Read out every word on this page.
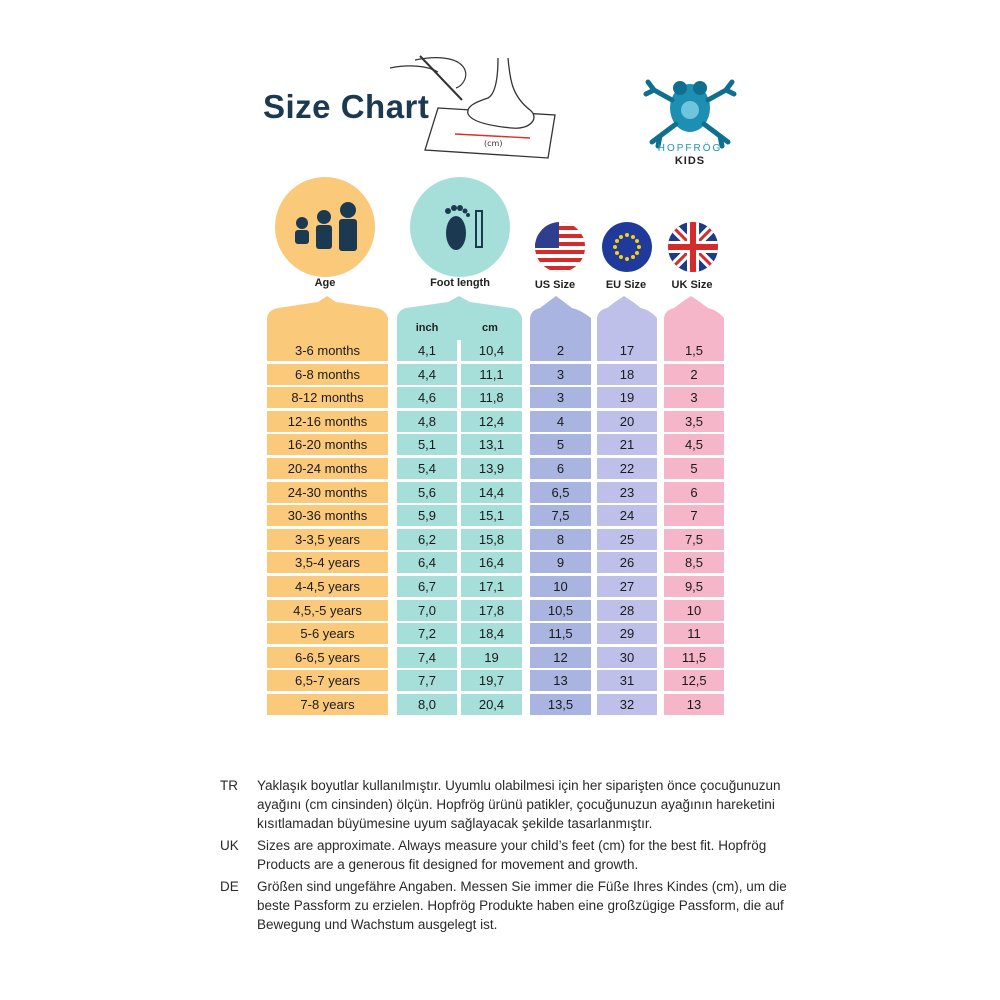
Size Chart
(cm)	HOPFRÖG
KIDS
Age	Foot length	US Size	EU Size	UK Size
inch	cm
3-6 months	4,1	10,4	2	17	1,5
6-8 months	4,4	11,1	3	18	2
8-12 months	4,6	11,8	3	19	3
12-16 months	4,8	12,4	4	20	3,5
16-20 months	5,1	13,1	5	21	4,5
20-24 months	5,4	13,9	6	22	5
24-30 months	5,6	14,4	6,5	23	6
30-36 months	5,9	15,1	7,5	24	7
3-3,5 years	6,2	15,8	8	25	7,5
3,5-4 years	6,4	16,4	9	26	8,5
4-4,5 years	6,7	17,1	10	27	9,5
4,5,-5 years	7,0	17,8	10,5	28	10
5-6 years	7,2	18,4	11,5	29	11
6-6,5 years	7,4	19	12	30	11,5
6,5-7 years	7,7	19,7	13	31	12,5
7-8 years	8,0	20,4	13,5	32	13
TR	Yaklaşık boyutlar kullanılmıştır. Uyumlu olabilmesi için her siparişten önce çocuğunuzun ayağını (cm cinsinden) ölçün. Hopfrög ürünü patikler, çocuğunuzun ayağının hareketini kısıtlamadan büyümesine uyum sağlayacak şekilde tasarlanmıştır.
UK	Sizes are approximate. Always measure your child’s feet (cm) for the best fit. Hopfrög Products are a generous fit designed for movement and growth.
DE	Größen sind ungefähre Angaben. Messen Sie immer die Füße Ihres Kindes (cm), um die beste Passform zu erzielen. Hopfrög Produkte haben eine großzügige Passform, die auf Bewegung und Wachstum ausgelegt ist.
